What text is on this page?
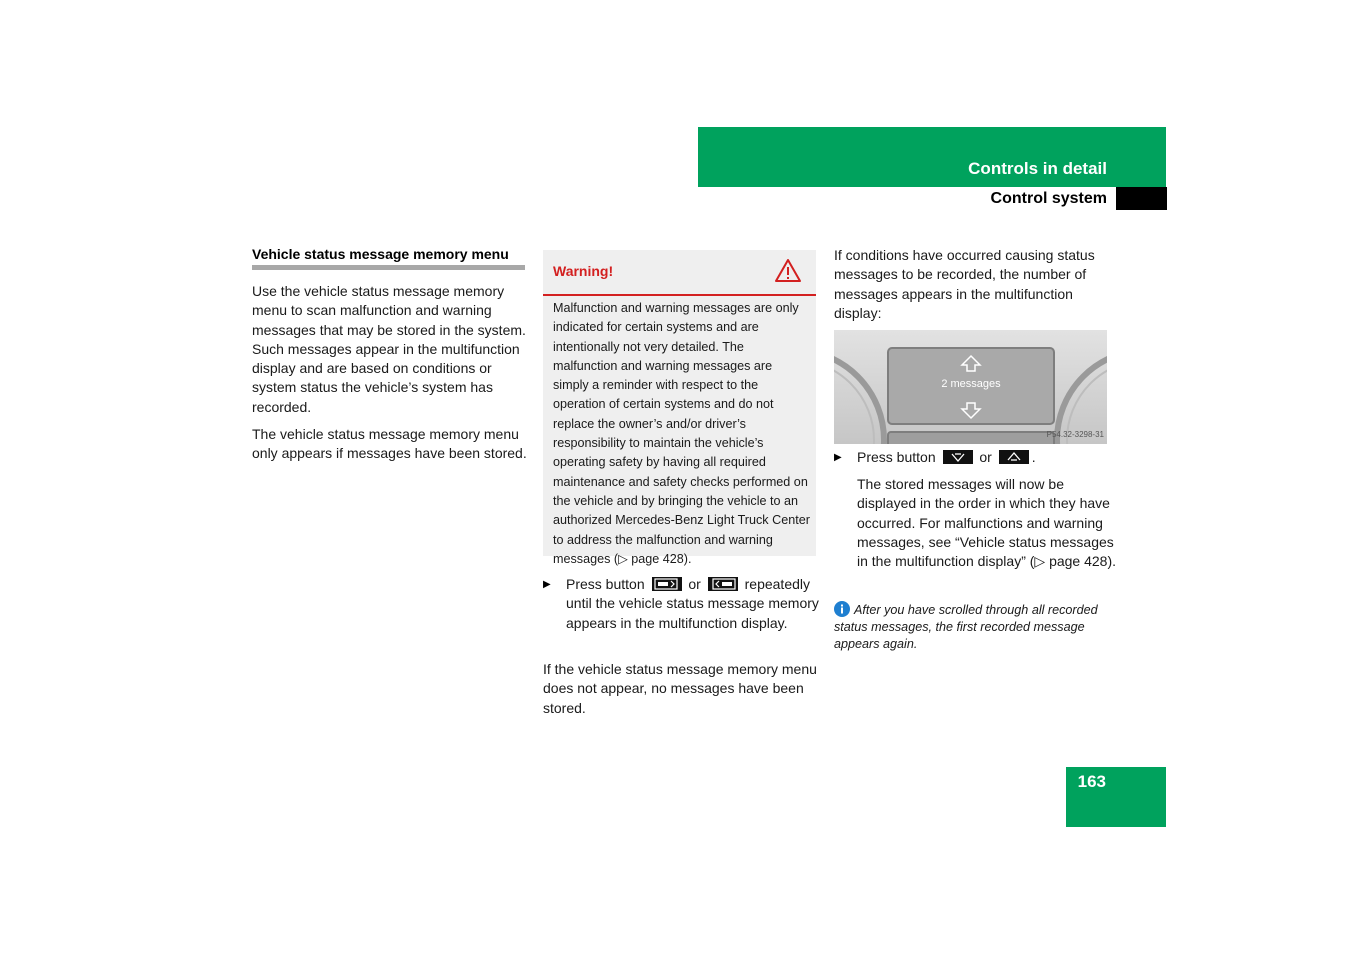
Controls in detail
Control system
Vehicle status message memory menu

Use the vehicle status message memory menu to scan malfunction and warning messages that may be stored in the system. Such messages appear in the multifunction display and are based on conditions or system status the vehicle’s system has recorded.

The vehicle status message memory menu only appears if messages have been stored.

Warning!

Malfunction and warning messages are only indicated for certain systems and are intentionally not very detailed. The malfunction and warning messages are simply a reminder with respect to the operation of certain systems and do not replace the owner’s and/or driver’s responsibility to maintain the vehicle’s operating safety by having all required maintenance and safety checks performed on the vehicle and by bringing the vehicle to an authorized Mercedes-Benz Light Truck Center to address the malfunction and warning messages (▷ page 428).

▶ Press button	or	repeatedly until the vehicle status message memory appears in the multifunction display.

If the vehicle status message memory menu does not appear, no messages have been stored.

If conditions have occurred causing status messages to be recorded, the number of messages appears in the multifunction display:

2 messages
P54.32-3298-31
▶ Press button	or	.

The stored messages will now be displayed in the order in which they have occurred. For malfunctions and warning messages, see “Vehicle status messages in the multifunction display” (▷ page 428).

After you have scrolled through all recorded status messages, the first recorded message appears again.
163
